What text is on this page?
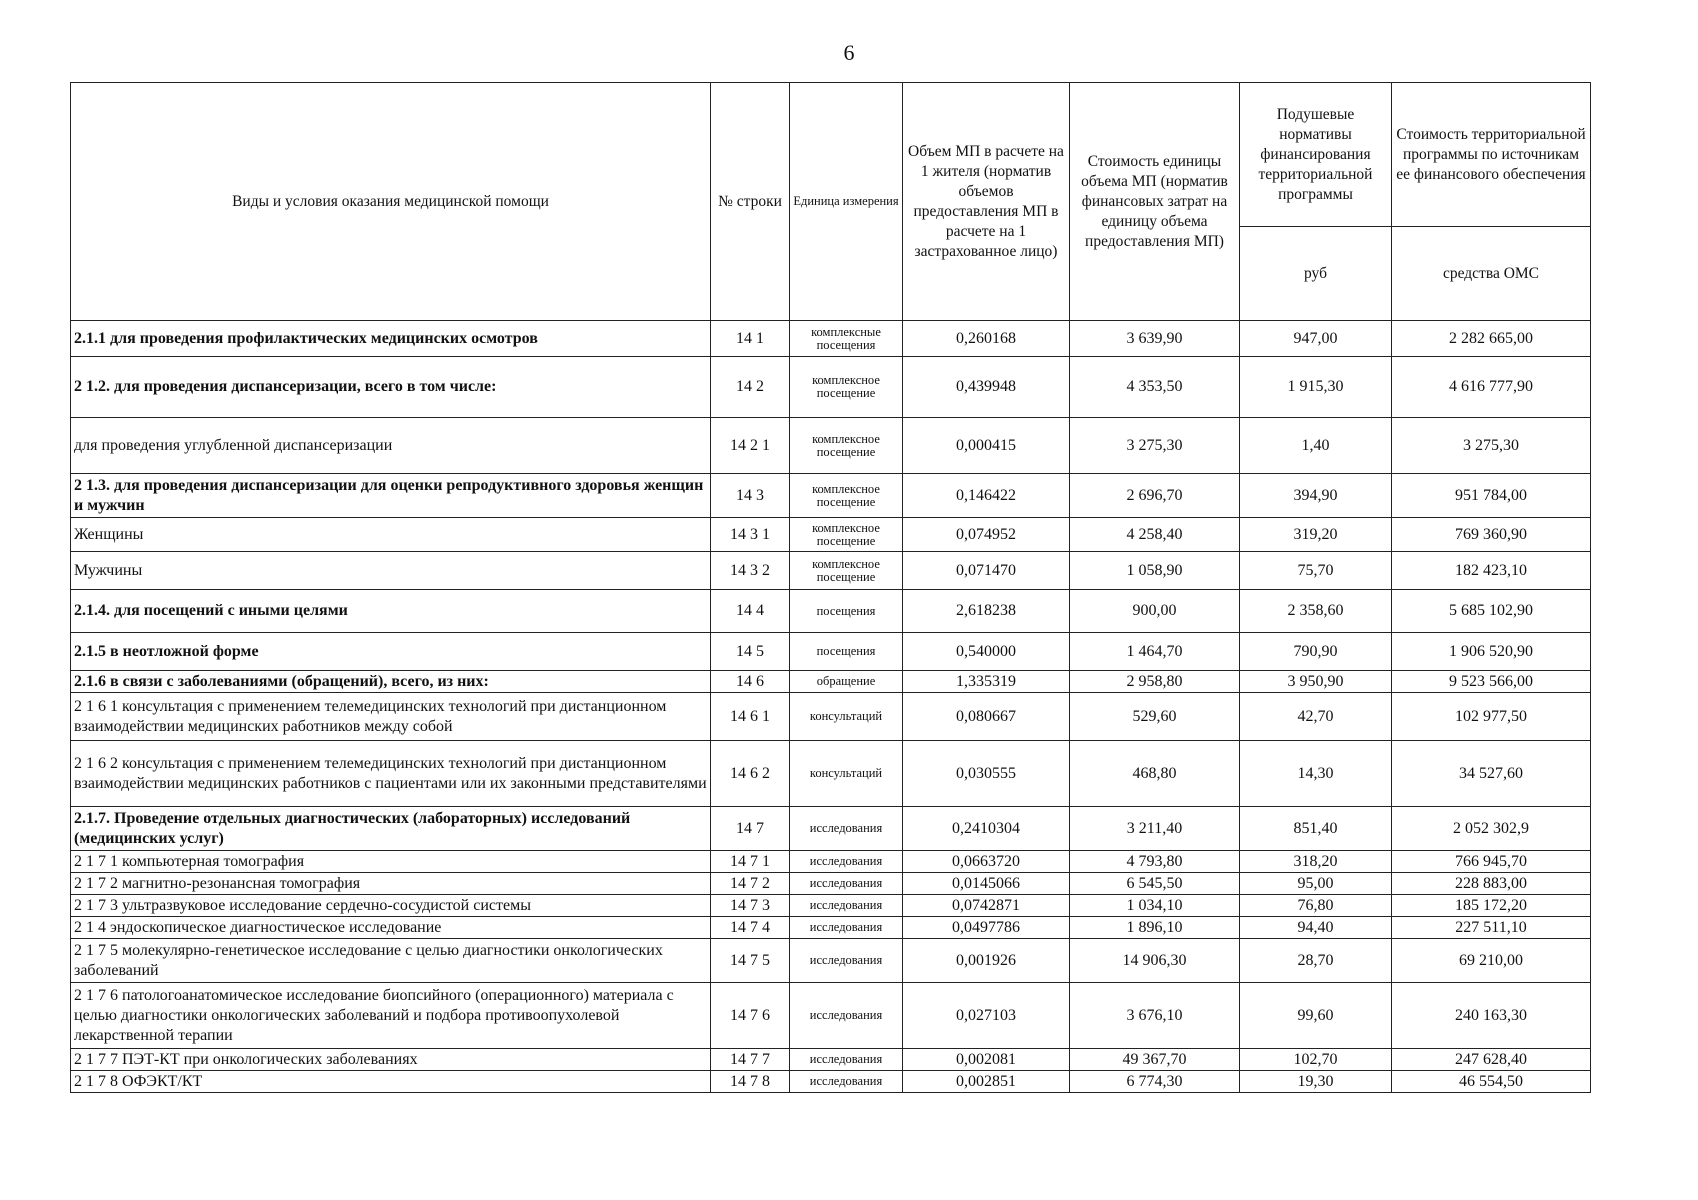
6
Виды и условия оказания медицинской помощи	№ строки	Единица измерения	Объем МП в расчете на 1 жителя (норматив объемов предоставления МП в расчете на 1 застрахованное лицо)	Стоимость единицы объема МП (норматив финансовых затрат на единицу объема предоставления МП)	Подушевые нормативы финансирования территориальной программы	Стоимость территориальной программы по источникам ее финансового обеспечения
					руб	средства ОМС
2.1.1 для проведения профилактических медицинских осмотров	14 1	комплексные посещения	0,260168	3 639,90	947,00	2 282 665,00
2 1.2. для проведения диспансеризации, всего в том числе:	14 2	комплексное посещение	0,439948	4 353,50	1 915,30	4 616 777,90
для проведения углубленной диспансеризации	14 2 1	комплексное посещение	0,000415	3 275,30	1,40	3 275,30
2 1.3. для проведения диспансеризации для оценки репродуктивного здоровья женщин и мужчин	14 3	комплексное посещение	0,146422	2 696,70	394,90	951 784,00
Женщины	14 3 1	комплексное посещение	0,074952	4 258,40	319,20	769 360,90
Мужчины	14 3 2	комплексное посещение	0,071470	1 058,90	75,70	182 423,10
2.1.4. для посещений с иными целями	14 4	посещения	2,618238	900,00	2 358,60	5 685 102,90
2.1.5 в неотложной форме	14 5	посещения	0,540000	1 464,70	790,90	1 906 520,90
2.1.6 в связи с заболеваниями (обращений), всего, из них:	14 6	обращение	1,335319	2 958,80	3 950,90	9 523 566,00
2 1 6 1 консультация с применением телемедицинских технологий при дистанционном взаимодействии медицинских работников между собой	14 6 1	консультаций	0,080667	529,60	42,70	102 977,50
2 1 6 2 консультация с применением телемедицинских технологий при дистанционном взаимодействии медицинских работников с пациентами или их законными представителями	14 6 2	консультаций	0,030555	468,80	14,30	34 527,60
2.1.7. Проведение отдельных диагностических (лабораторных) исследований (медицинских услуг)	14 7	исследования	0,2410304	3 211,40	851,40	2 052 302,9
2 1 7 1 компьютерная томография	14 7 1	исследования	0,0663720	4 793,80	318,20	766 945,70
2 1 7 2 магнитно-резонансная томография	14 7 2	исследования	0,0145066	6 545,50	95,00	228 883,00
2 1 7 3 ультразвуковое исследование сердечно-сосудистой системы	14 7 3	исследования	0,0742871	1 034,10	76,80	185 172,20
2 1 4 эндоскопическое диагностическое исследование	14 7 4	исследования	0,0497786	1 896,10	94,40	227 511,10
2 1 7 5 молекулярно-генетическое исследование с целью диагностики онкологических заболеваний	14 7 5	исследования	0,001926	14 906,30	28,70	69 210,00
2 1 7 6 патологоанатомическое исследование биопсийного (операционного) материала с целью диагностики онкологических заболеваний и подбора противоопухолевой лекарственной терапии	14 7 6	исследования	0,027103	3 676,10	99,60	240 163,30
2 1 7 7 ПЭТ-КТ при онкологических заболеваниях	14 7 7	исследования	0,002081	49 367,70	102,70	247 628,40
2 1 7 8 ОФЭКТ/КТ	14 7 8	исследования	0,002851	6 774,30	19,30	46 554,50
